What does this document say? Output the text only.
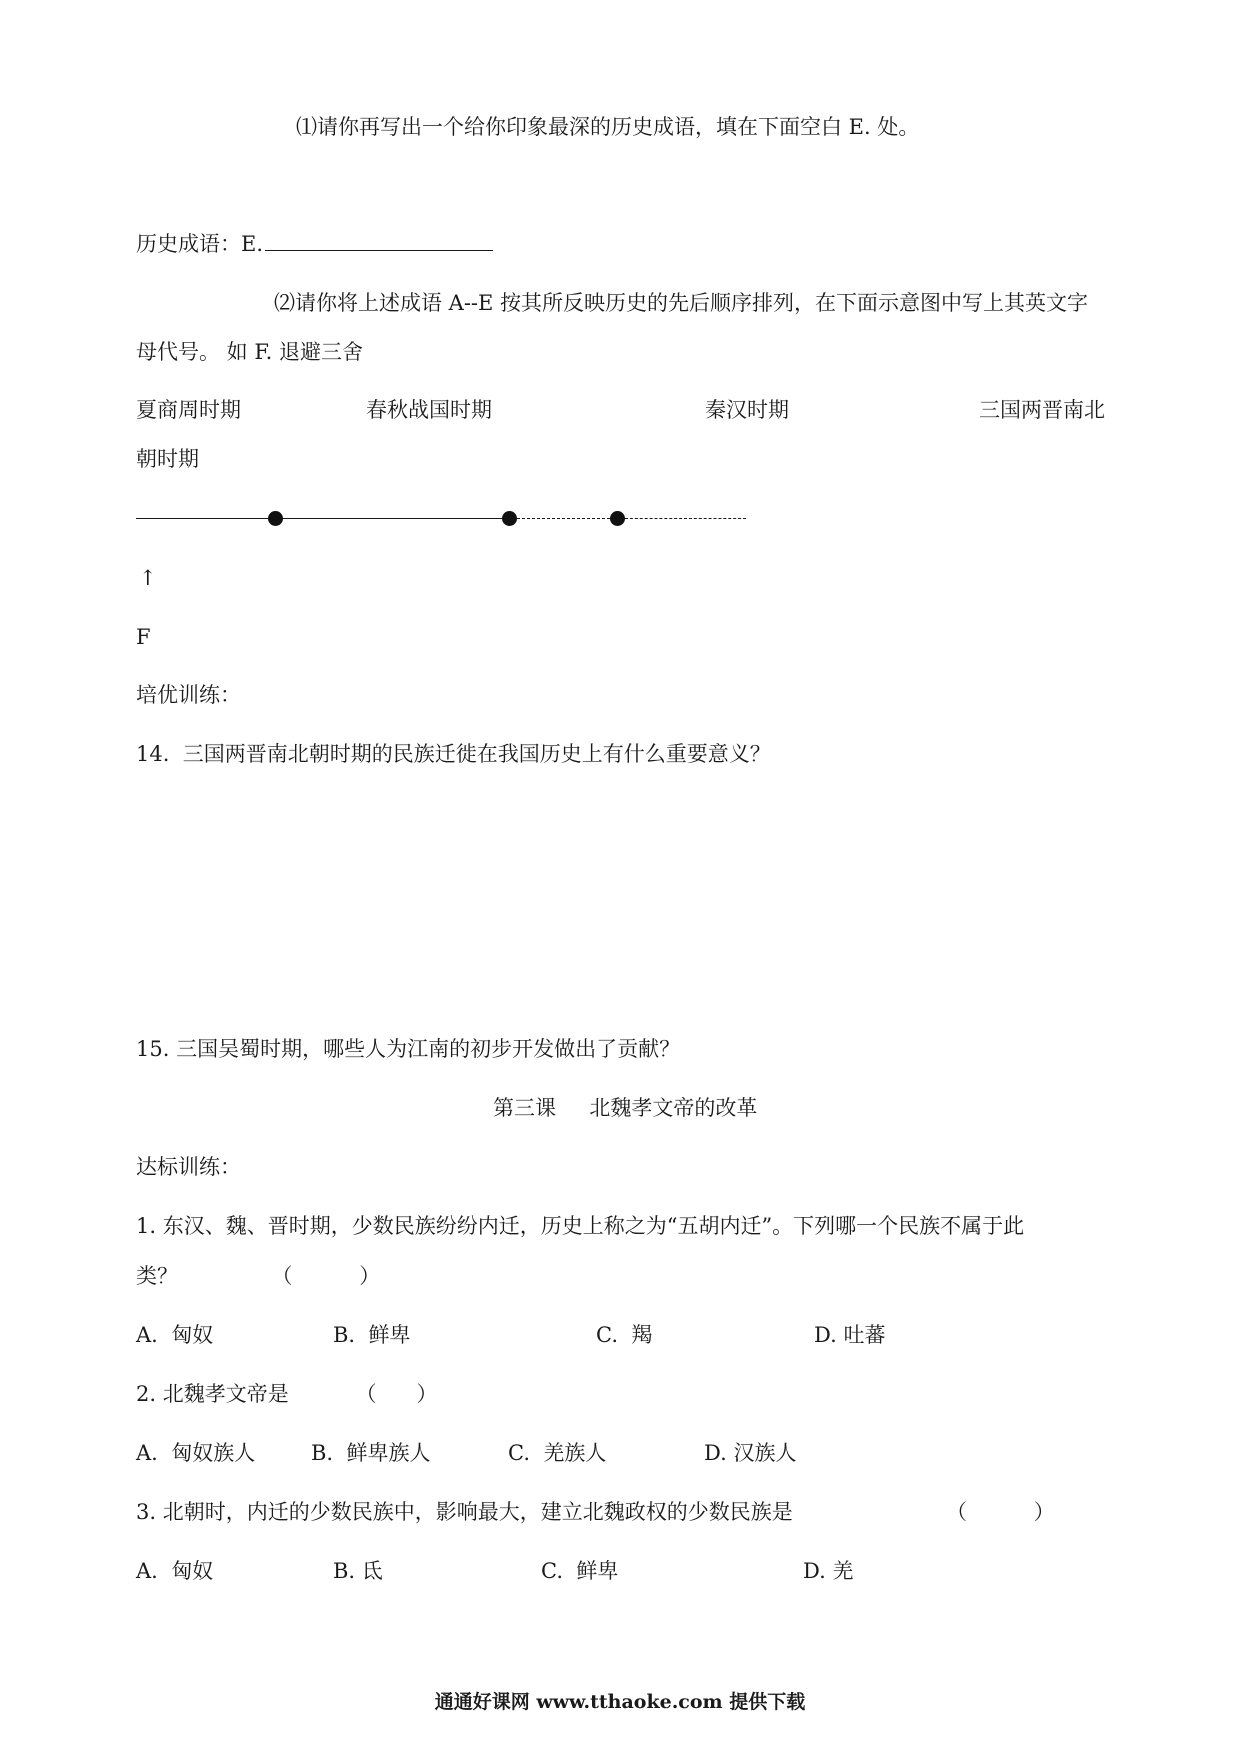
⑴请你再写出一个给你印象最深的历史成语，填在下面空白 E. 处。
历史成语：E.
⑵请你将上述成语 A--E 按其所反映历史的先后顺序排列，在下面示意图中写上其英文字
母代号。 如 F. 退避三舍
夏商周时期	春秋战国时期	秦汉时期	三国两晋南北
朝时期
↑
F
培优训练：
14.  三国两晋南北朝时期的民族迁徙在我国历史上有什么重要意义？
15. 三国吴蜀时期，哪些人为江南的初步开发做出了贡献？
第三课     北魏孝文帝的改革
达标训练：
1. 东汉、魏、晋时期，少数民族纷纷内迁，历史上称之为“五胡内迁”。下列哪一个民族不属于此
类？              （          ）
A.  匈奴	B.  鲜卑	C.  羯	D. 吐蕃
2. 北魏孝文帝是          （      ）
A.  匈奴族人	B.  鲜卑族人	C.  羌族人	D. 汉族人
3. 北朝时，内迁的少数民族中，影响最大，建立北魏政权的少数民族是	（          ）
A.  匈奴	B. 氐	C.  鲜卑	D. 羌
通通好课网 www.tthaoke.com 提供下载
